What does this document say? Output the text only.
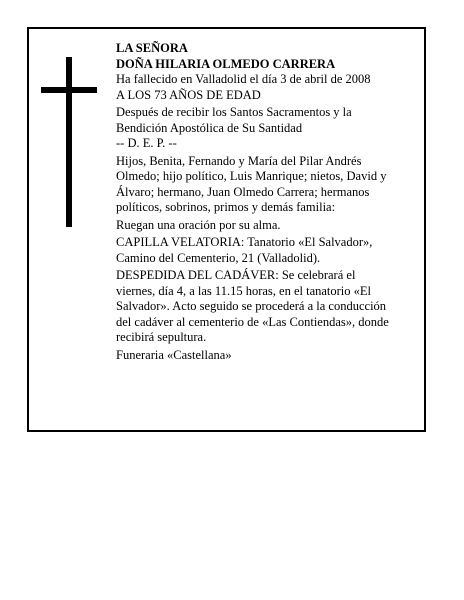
LA SEÑORA
DOÑA HILARIA OLMEDO CARRERA
Ha fallecido en Valladolid el día 3 de abril de 2008
A LOS 73 AÑOS DE EDAD
Después de recibir los Santos Sacramentos y la
Bendición Apostólica de Su Santidad
-- D. E. P. --
Hijos, Benita, Fernando y María del Pilar Andrés
Olmedo; hijo político, Luis Manrique; nietos, David y
Álvaro; hermano, Juan Olmedo Carrera; hermanos
políticos, sobrinos, primos y demás familia:
Ruegan una oración por su alma.
CAPILLA VELATORIA: Tanatorio «El Salvador»,
Camino del Cementerio, 21 (Valladolid).
DESPEDIDA DEL CADÁVER: Se celebrará el
viernes, día 4, a las 11.15 horas, en el tanatorio «El
Salvador». Acto seguido se procederá a la conducción
del cadáver al cementerio de «Las Contiendas», donde
recibirá sepultura.
Funeraria «Castellana»
